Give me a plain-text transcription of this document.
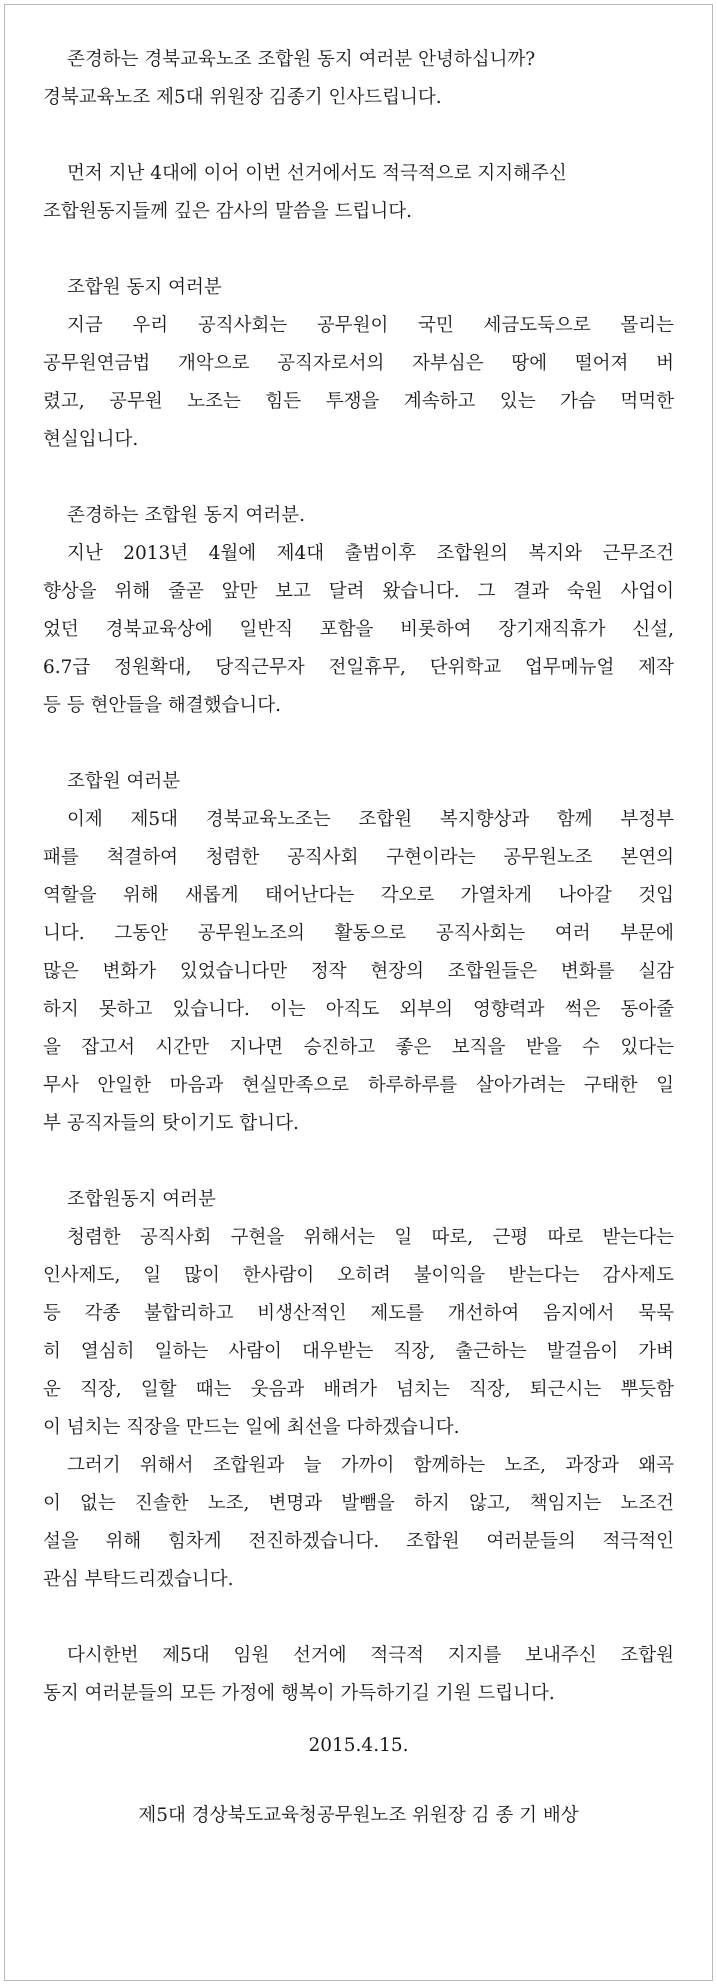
존경하는 경북교육노조 조합원 동지 여러분 안녕하십니까?
경북교육노조 제5대 위원장 김종기 인사드립니다.
먼저 지난 4대에 이어 이번 선거에서도 적극적으로 지지해주신
조합원동지들께 깊은 감사의 말씀을 드립니다.
조합원 동지 여러분
지금 우리 공직사회는 공무원이 국민 세금도둑으로 몰리는
공무원연금법 개악으로 공직자로서의 자부심은 땅에 떨어져 버
렸고, 공무원 노조는 힘든 투쟁을 계속하고 있는 가슴 먹먹한
현실입니다.
존경하는 조합원 동지 여러분.
지난 2013년 4월에 제4대 출범이후 조합원의 복지와 근무조건
향상을 위해 줄곧 앞만 보고 달려 왔습니다. 그 결과 숙원 사업이
었던 경북교육상에 일반직 포함을 비롯하여 장기재직휴가 신설,
6.7급 정원확대, 당직근무자 전일휴무, 단위학교 업무메뉴얼 제작
등 등 현안들을 해결했습니다.
조합원 여러분
이제 제5대 경북교육노조는 조합원 복지향상과 함께 부정부
패를 척결하여 청렴한 공직사회 구현이라는 공무원노조 본연의
역할을 위해 새롭게 태어난다는 각오로 가열차게 나아갈 것입
니다. 그동안 공무원노조의 활동으로 공직사회는 여러 부문에
많은 변화가 있었습니다만 정작 현장의 조합원들은 변화를 실감
하지 못하고 있습니다. 이는 아직도 외부의 영향력과 썩은 동아줄
을 잡고서 시간만 지나면 승진하고 좋은 보직을 받을 수 있다는
무사 안일한 마음과 현실만족으로 하루하루를 살아가려는 구태한 일
부 공직자들의 탓이기도 합니다.
조합원동지 여러분
청렴한 공직사회 구현을 위해서는 일 따로, 근평 따로 받는다는
인사제도, 일 많이 한사람이 오히려 불이익을 받는다는 감사제도
등 각종 불합리하고 비생산적인 제도를 개선하여 음지에서 묵묵
히 열심히 일하는 사람이 대우받는 직장, 출근하는 발걸음이 가벼
운 직장, 일할 때는 웃음과 배려가 넘치는 직장, 퇴근시는 뿌듯함
이 넘치는 직장을 만드는 일에 최선을 다하겠습니다.
그러기 위해서 조합원과 늘 가까이 함께하는 노조, 과장과 왜곡
이 없는 진솔한 노조, 변명과 발뺌을 하지 않고, 책임지는 노조건
설을 위해 힘차게 전진하겠습니다. 조합원 여러분들의 적극적인
관심 부탁드리겠습니다.
다시한번 제5대 임원 선거에 적극적 지지를 보내주신 조합원
동지 여러분들의 모든 가정에 행복이 가득하기길 기원 드립니다.
2015.4.15.
제5대 경상북도교육청공무원노조 위원장 김 종 기 배상
